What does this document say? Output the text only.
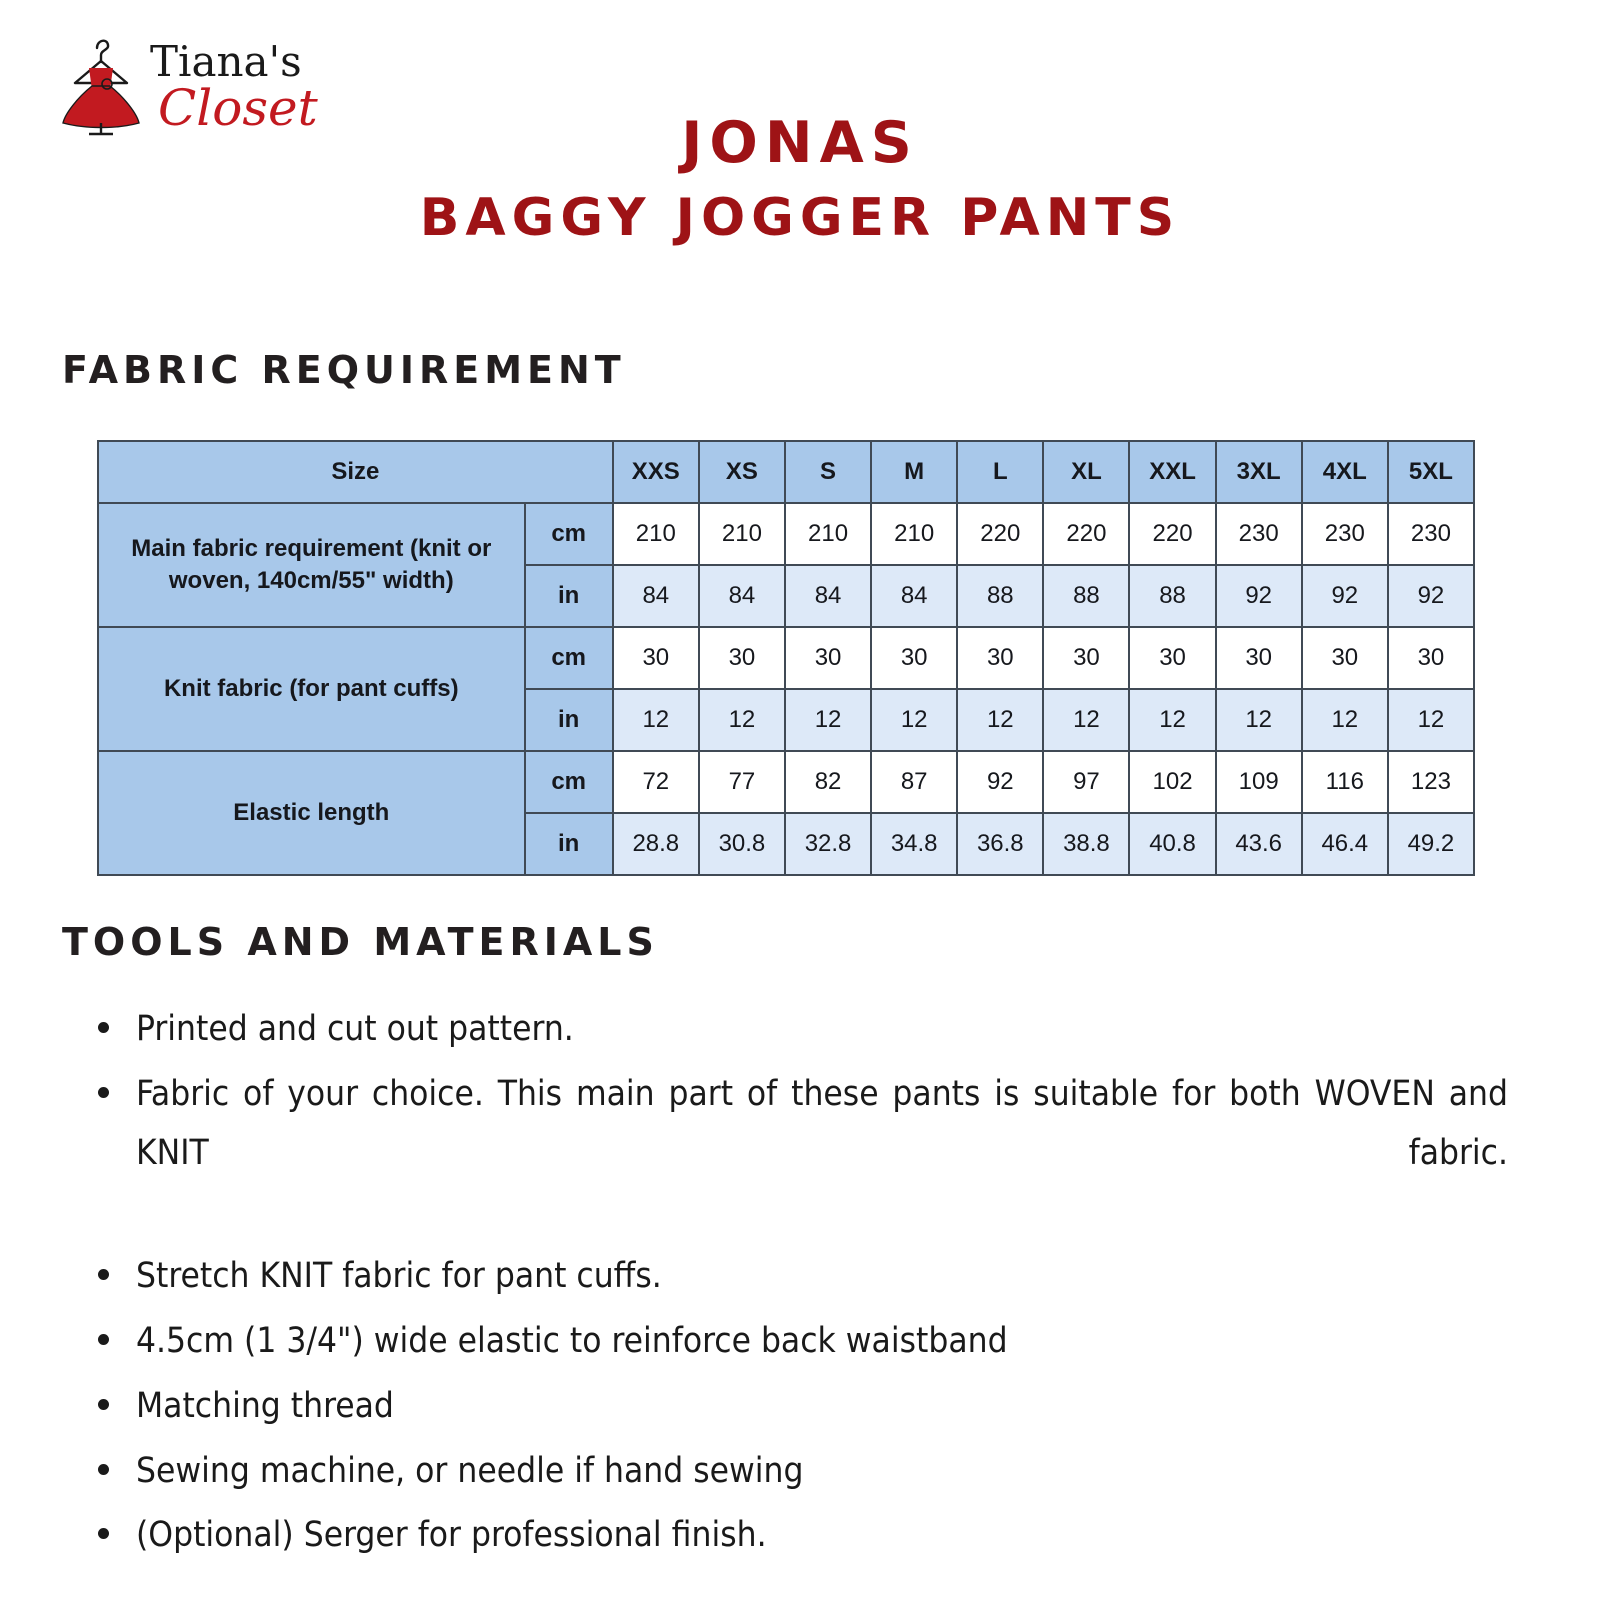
Tiana's
Closet
JONAS
BAGGY JOGGER PANTS
FABRIC REQUIREMENT
Size		XXS	XS	S	M	L	XL	XXL	3XL	4XL	5XL
Main fabric requirement (knit or woven, 140cm/55" width)	cm	210	210	210	210	220	220	220	230	230	230
	in	84	84	84	84	88	88	88	92	92	92
Knit fabric (for pant cuffs)	cm	30	30	30	30	30	30	30	30	30	30
	in	12	12	12	12	12	12	12	12	12	12
Elastic length	cm	72	77	82	87	92	97	102	109	116	123
	in	28.8	30.8	32.8	34.8	36.8	38.8	40.8	43.6	46.4	49.2
TOOLS AND MATERIALS
Printed and cut out pattern.
Fabric of your choice. This main part of these pants is suitable for both WOVEN and KNIT fabric.
Stretch KNIT fabric for pant cuffs.
4.5cm (1 3/4") wide elastic to reinforce back waistband
Matching thread
Sewing machine, or needle if hand sewing
(Optional) Serger for professional finish.
